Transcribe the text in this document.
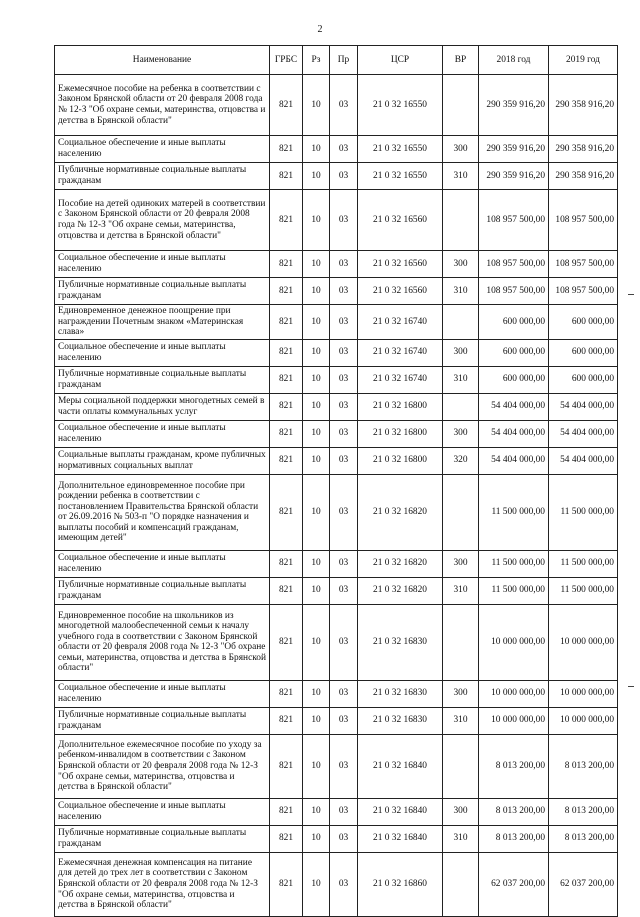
2
Наименование	ГРБС	Рз	Пр	ЦСР	ВР	2018 год	2019 год
Ежемесячное пособие на ребенка в соответствии с Законом Брянской области от 20 февраля 2008 года № 12-З "Об охране семьи, материнства, отцовства и детства в Брянской области"	821	10	03	21 0 32 16550		290 359 916,20	290 358 916,20
Социальное обеспечение и иные выплаты населению	821	10	03	21 0 32 16550	300	290 359 916,20	290 358 916,20
Публичные нормативные социальные выплаты гражданам	821	10	03	21 0 32 16550	310	290 359 916,20	290 358 916,20
Пособие на детей одиноких матерей в соответствии с Законом Брянской области от 20 февраля 2008 года № 12-З "Об охране семьи, материнства, отцовства и детства в Брянской области"	821	10	03	21 0 32 16560		108 957 500,00	108 957 500,00
Социальное обеспечение и иные выплаты населению	821	10	03	21 0 32 16560	300	108 957 500,00	108 957 500,00
Публичные нормативные социальные выплаты гражданам	821	10	03	21 0 32 16560	310	108 957 500,00	108 957 500,00
Единовременное денежное поощрение при награждении Почетным знаком «Материнская слава»	821	10	03	21 0 32 16740		600 000,00	600 000,00
Социальное обеспечение и иные выплаты населению	821	10	03	21 0 32 16740	300	600 000,00	600 000,00
Публичные нормативные социальные выплаты гражданам	821	10	03	21 0 32 16740	310	600 000,00	600 000,00
Меры социальной поддержки многодетных семей в части оплаты коммунальных услуг	821	10	03	21 0 32 16800		54 404 000,00	54 404 000,00
Социальное обеспечение и иные выплаты населению	821	10	03	21 0 32 16800	300	54 404 000,00	54 404 000,00
Социальные выплаты гражданам, кроме публичных нормативных социальных выплат	821	10	03	21 0 32 16800	320	54 404 000,00	54 404 000,00
Дополнительное единовременное пособие при рождении ребенка в соответствии с постановлением Правительства Брянской области от 26.09.2016 № 503-п "О порядке назначения и выплаты пособий и компенсаций гражданам, имеющим детей"	821	10	03	21 0 32 16820		11 500 000,00	11 500 000,00
Социальное обеспечение и иные выплаты населению	821	10	03	21 0 32 16820	300	11 500 000,00	11 500 000,00
Публичные нормативные социальные выплаты гражданам	821	10	03	21 0 32 16820	310	11 500 000,00	11 500 000,00
Единовременное пособие на школьников из многодетной малообеспеченной семьи к началу учебного года в соответствии с Законом Брянской области от 20 февраля 2008 года № 12-З "Об охране семьи, материнства, отцовства и детства в Брянской области"	821	10	03	21 0 32 16830		10 000 000,00	10 000 000,00
Социальное обеспечение и иные выплаты населению	821	10	03	21 0 32 16830	300	10 000 000,00	10 000 000,00
Публичные нормативные социальные выплаты гражданам	821	10	03	21 0 32 16830	310	10 000 000,00	10 000 000,00
Дополнительное ежемесячное пособие по уходу за ребенком-инвалидом в соответствии с Законом Брянской области от 20 февраля 2008 года № 12-З "Об охране семьи, материнства, отцовства и детства в Брянской области"	821	10	03	21 0 32 16840		8 013 200,00	8 013 200,00
Социальное обеспечение и иные выплаты населению	821	10	03	21 0 32 16840	300	8 013 200,00	8 013 200,00
Публичные нормативные социальные выплаты гражданам	821	10	03	21 0 32 16840	310	8 013 200,00	8 013 200,00
Ежемесячная денежная компенсация на питание для детей до трех лет в соответствии с Законом Брянской области от 20 февраля 2008 года № 12-З "Об охране семьи, материнства, отцовства и детства в Брянской области"	821	10	03	21 0 32 16860		62 037 200,00	62 037 200,00
